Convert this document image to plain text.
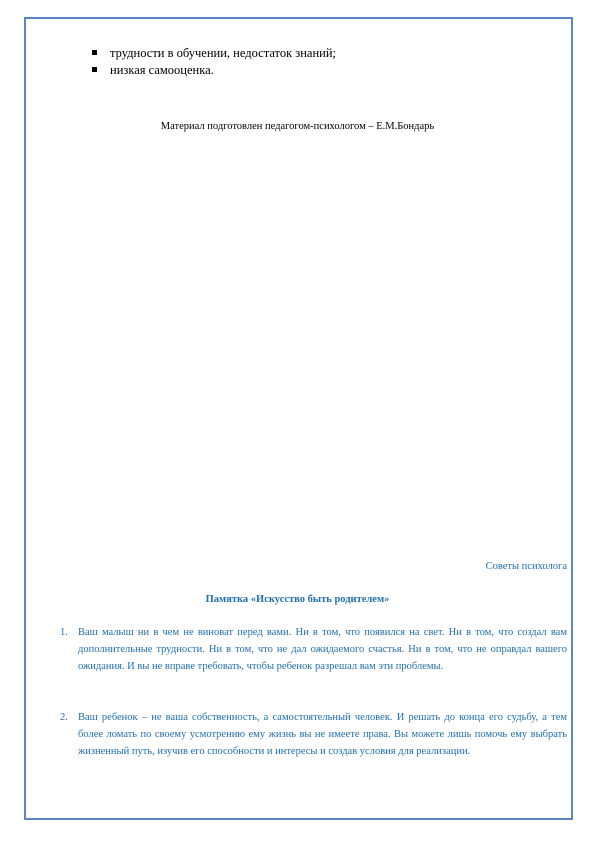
трудности в обучении, недостаток знаний;
низкая самооценка.
Материал подготовлен педагогом-психологом – Е.М.Бондарь
Советы психолога
Памятка «Искусство быть родителем»
1. Ваш малыш ни в чем не виноват перед вами. Ни в том, что появился на свет. Ни в том, что создал вам дополнительные трудности. Ни в том, что не дал ожидаемого счастья. Ни в том, что не оправдал вашего ожидания. И вы не вправе требовать, чтобы ребенок разрешал вам эти проблемы.
2. Ваш ребенок – не ваша собственность, а самостоятельный человек. И решать до конца его судьбу, а тем более ломать по своему усмотрению ему жизнь вы не имеете права. Вы можете лишь помочь ему выбрать жизненный путь, изучив его способности и интересы и создав условия для реализации.
